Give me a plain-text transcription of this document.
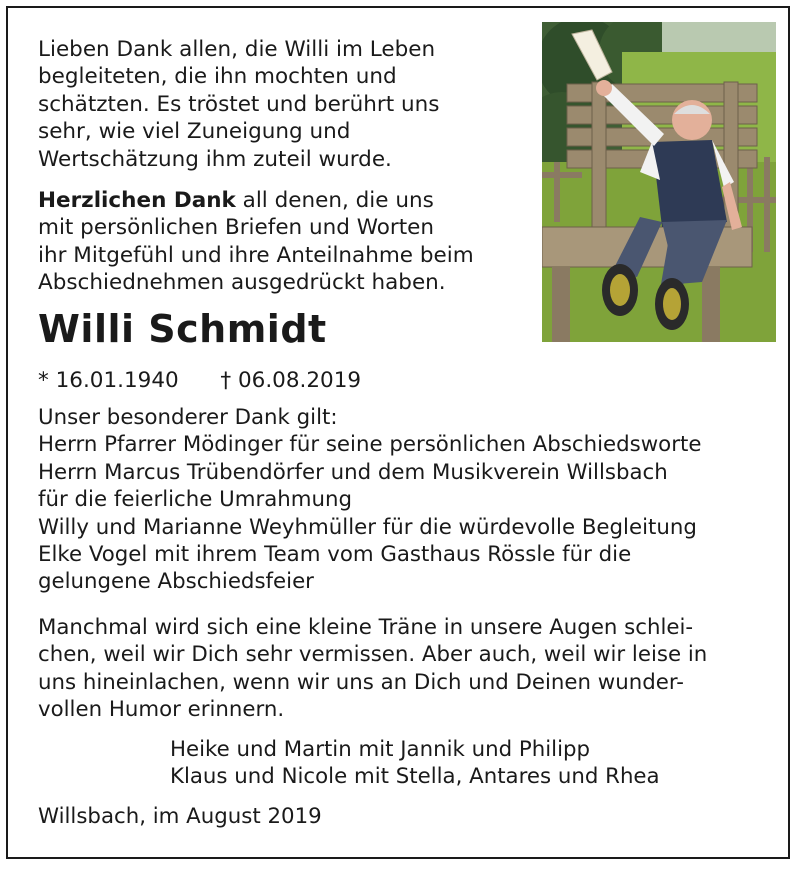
Lieben Dank allen, die Willi im Leben
begleiteten, die ihn mochten und
schätzten. Es tröstet und berührt uns
sehr, wie viel Zuneigung und
Wertschätzung ihm zuteil wurde.
Herzlichen Dank all denen, die uns
mit persönlichen Briefen und Worten
ihr Mitgefühl und ihre Anteilnahme beim
Abschiednehmen ausgedrückt haben.
Willi Schmidt
* 16.01.1940 † 06.08.2019
Unser besonderer Dank gilt:
Herrn Pfarrer Mödinger für seine persönlichen Abschiedsworte
Herrn Marcus Trübendörfer und dem Musikverein Willsbach
für die feierliche Umrahmung
Willy und Marianne Weyhmüller für die würdevolle Begleitung
Elke Vogel mit ihrem Team vom Gasthaus Rössle für die
gelungene Abschiedsfeier
Manchmal wird sich eine kleine Träne in unsere Augen schlei-
chen, weil wir Dich sehr vermissen. Aber auch, weil wir leise in
uns hineinlachen, wenn wir uns an Dich und Deinen wunder-
vollen Humor erinnern.
Heike und Martin mit Jannik und Philipp
Klaus und Nicole mit Stella, Antares und Rhea
Willsbach, im August 2019
